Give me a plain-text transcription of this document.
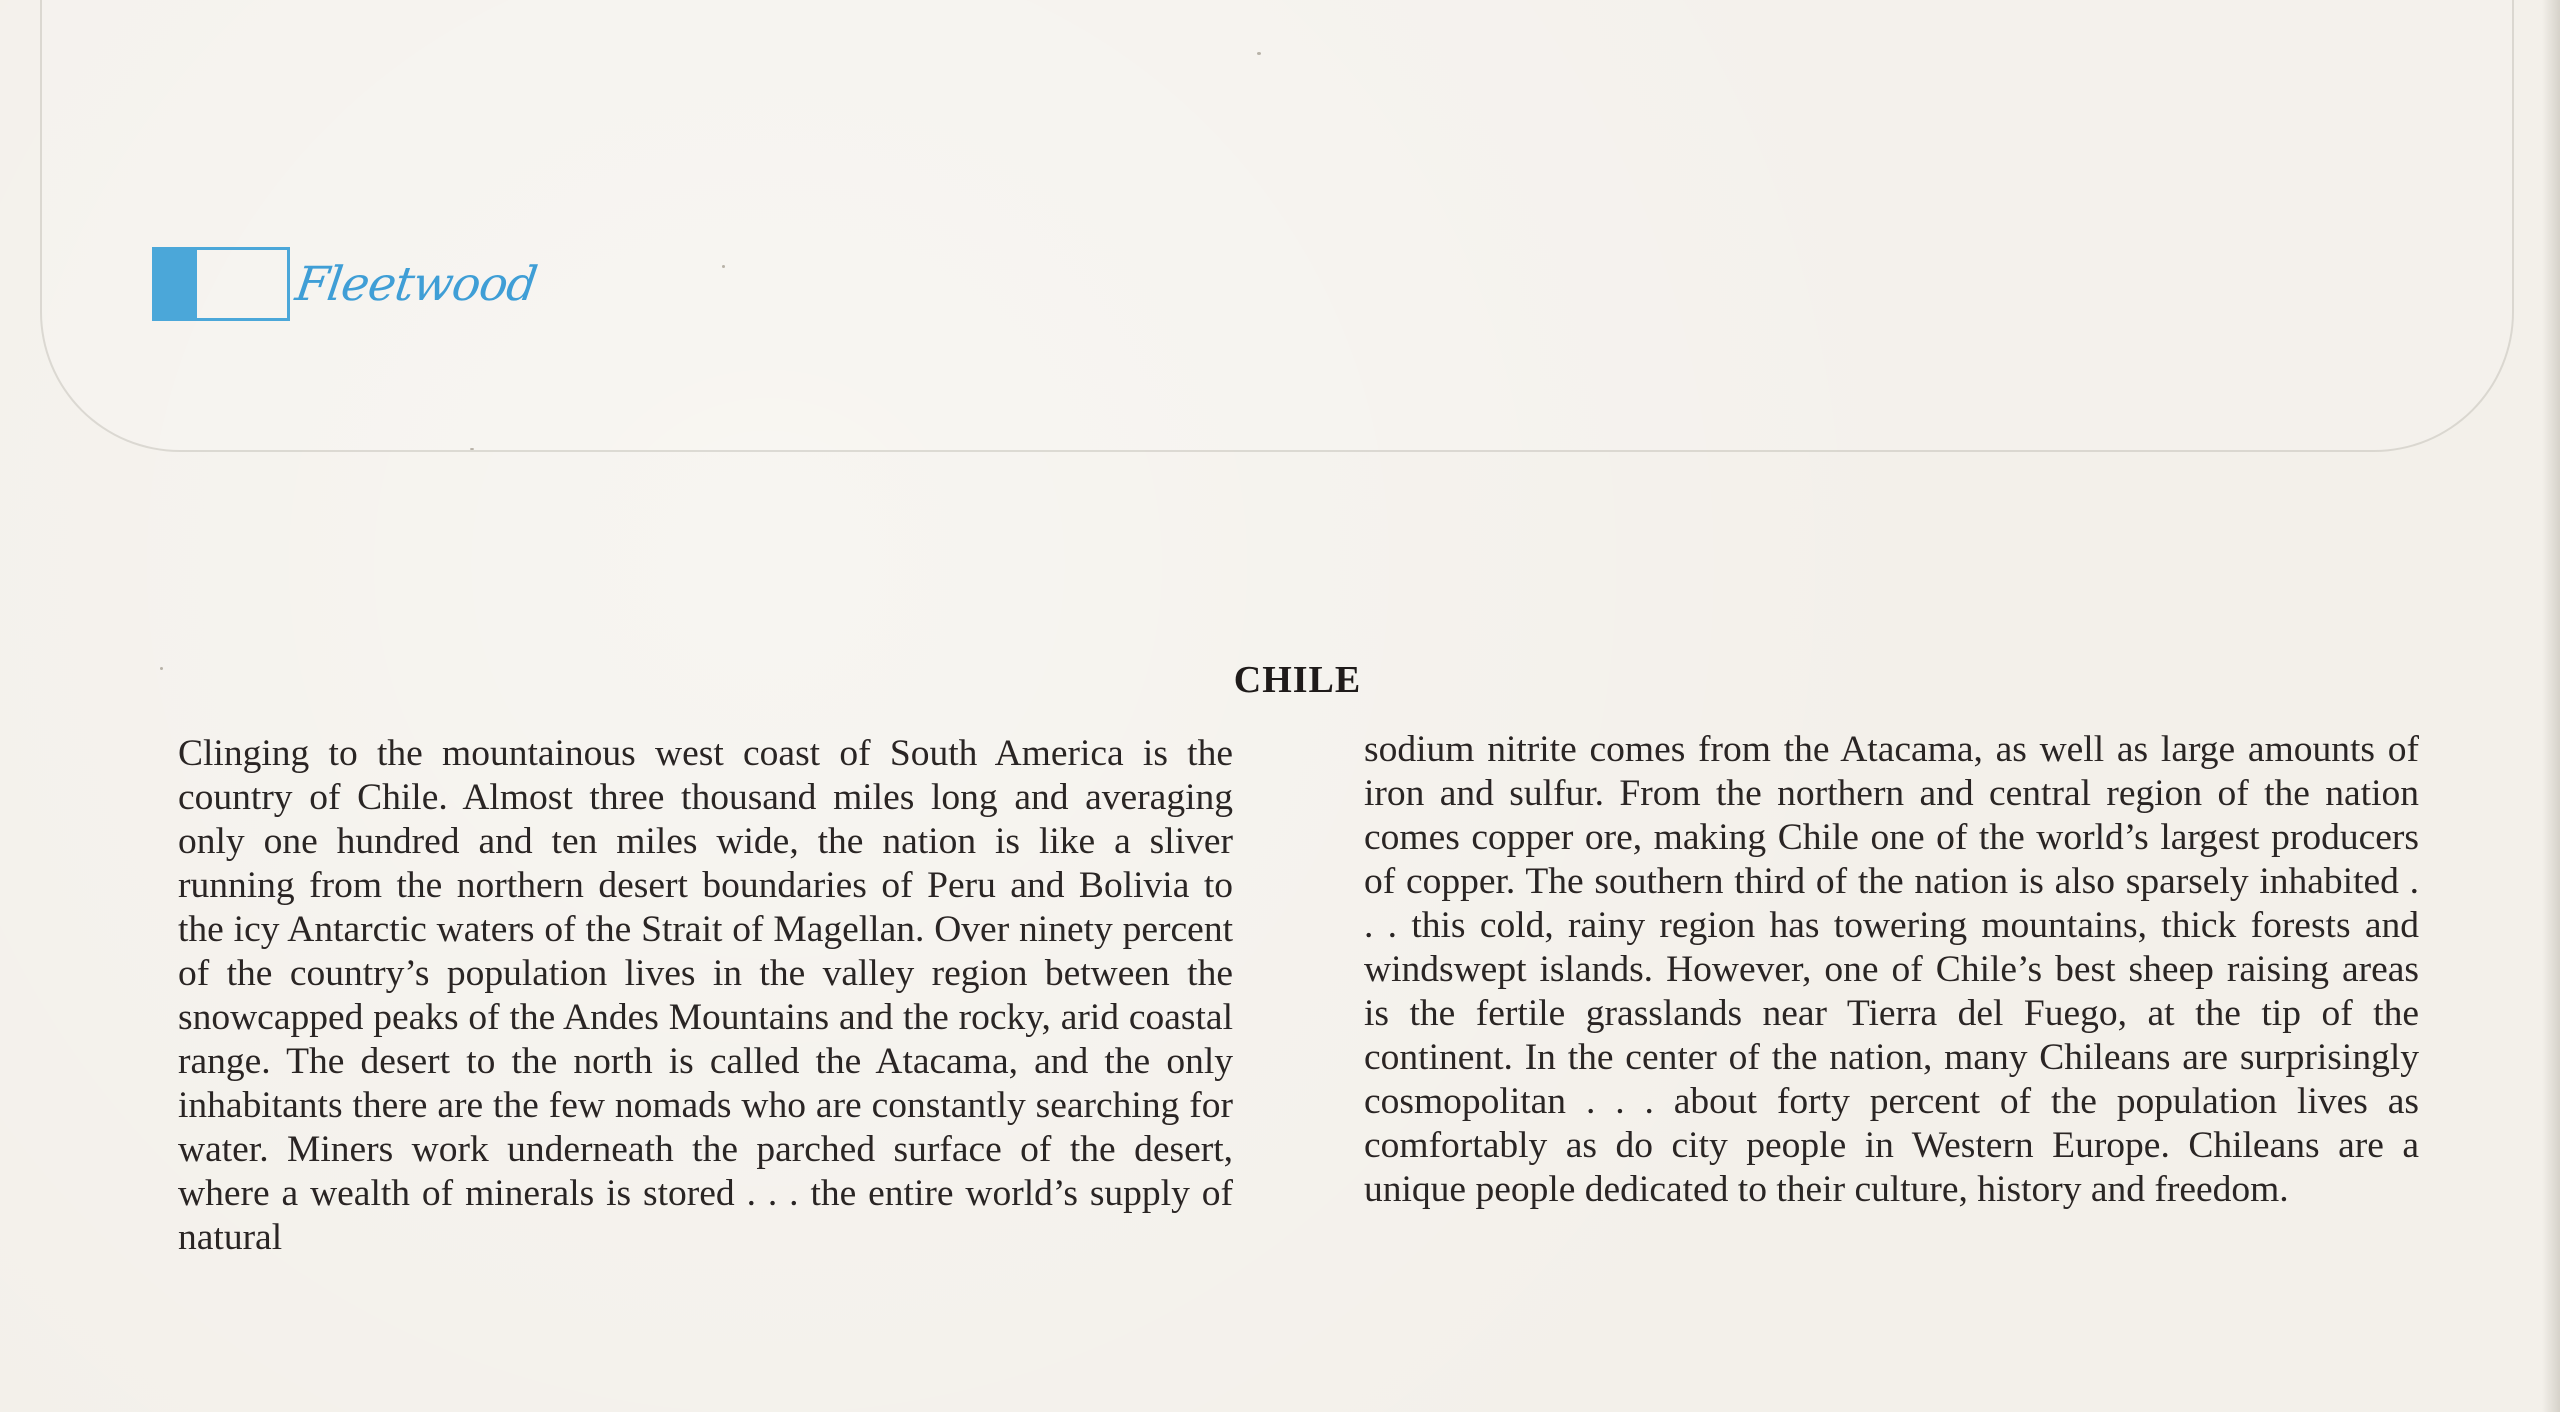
Fleetwood
CHILE
Clinging to the mountainous west coast of South America is the country of Chile. Almost three thousand miles long and averaging only one hundred and ten miles wide, the nation is like a sliver running from the northern desert boundaries of Peru and Bolivia to the icy Antarctic waters of the Strait of Magellan. Over ninety percent of the country’s population lives in the valley region between the snowcapped peaks of the Andes Mountains and the rocky, arid coastal range. The desert to the north is called the Atacama, and the only inhabitants there are the few nomads who are constantly searching for water. Miners work underneath the parched surface of the desert, where a wealth of minerals is stored . . . the entire world’s supply of natural
sodium nitrite comes from the Atacama, as well as large amounts of iron and sulfur. From the northern and central region of the nation comes copper ore, making Chile one of the world’s largest producers of copper. The southern third of the nation is also sparsely inhabited . . . this cold, rainy region has towering mountains, thick forests and windswept islands. However, one of Chile’s best sheep raising areas is the fertile grasslands near Tierra del Fuego, at the tip of the continent. In the center of the nation, many Chileans are surprisingly cosmopolitan . . . about forty percent of the population lives as comfortably as do city people in Western Europe. Chileans are a unique people dedicated to their culture, history and freedom.
